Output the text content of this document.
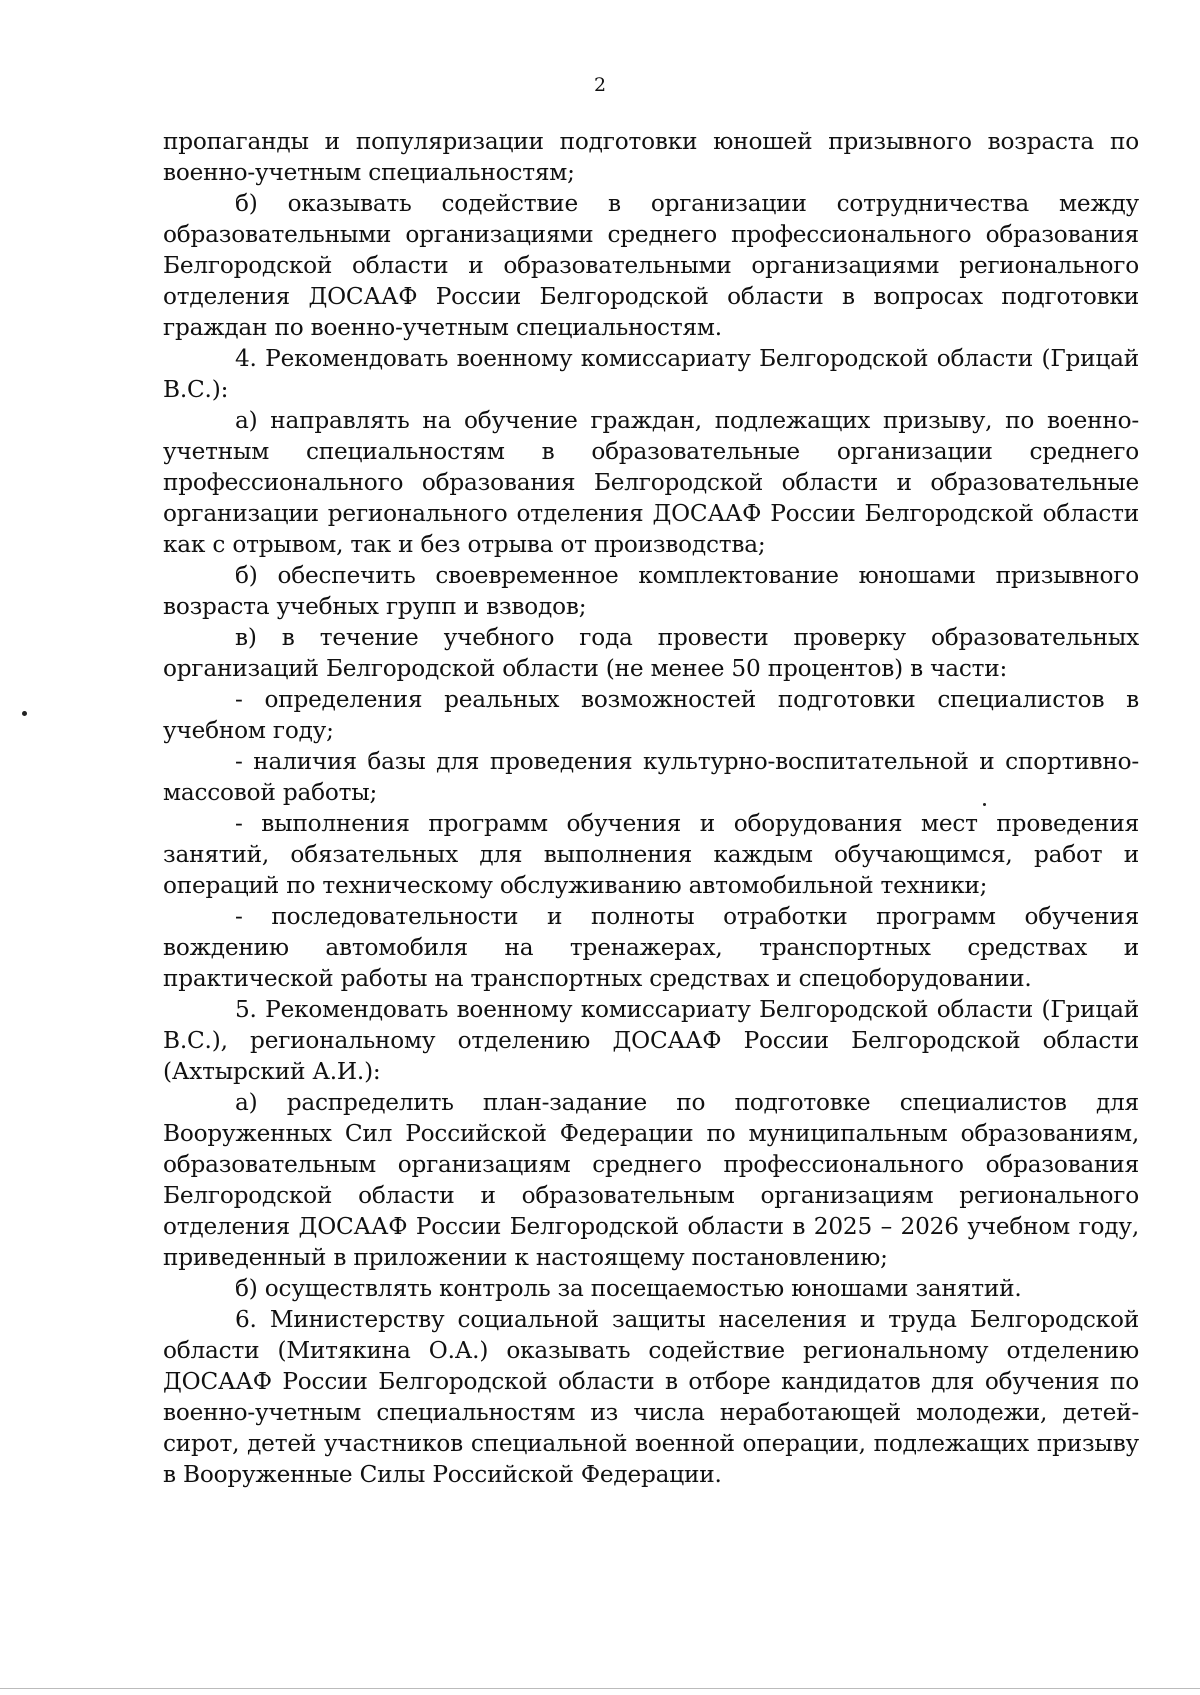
2

пропаганды и популяризации подготовки юношей призывного возраста по военно-учетным специальностям;

б) оказывать содействие в организации сотрудничества между образовательными организациями среднего профессионального образования Белгородской области и образовательными организациями регионального отделения ДОСААФ России Белгородской области в вопросах подготовки граждан по военно-учетным специальностям.

4. Рекомендовать военному комиссариату Белгородской области (Грицай В.С.):

а) направлять на обучение граждан, подлежащих призыву, по военно-учетным специальностям в образовательные организации среднего профессионального образования Белгородской области и образовательные организации регионального отделения ДОСААФ России Белгородской области как с отрывом, так и без отрыва от производства;

б) обеспечить своевременное комплектование юношами призывного возраста учебных групп и взводов;

в) в течение учебного года провести проверку образовательных организаций Белгородской области (не менее 50 процентов) в части:

- определения реальных возможностей подготовки специалистов в учебном году;

- наличия базы для проведения культурно-воспитательной и спортивно-массовой работы;

- выполнения программ обучения и оборудования мест проведения занятий, обязательных для выполнения каждым обучающимся, работ и операций по техническому обслуживанию автомобильной техники;

- последовательности и полноты отработки программ обучения вождению автомобиля на тренажерах, транспортных средствах и практической работы на транспортных средствах и спецоборудовании.

5. Рекомендовать военному комиссариату Белгородской области (Грицай В.С.), региональному отделению ДОСААФ России Белгородской области (Ахтырский А.И.):

а) распределить план-задание по подготовке специалистов для Вооруженных Сил Российской Федерации по муниципальным образованиям, образовательным организациям среднего профессионального образования Белгородской области и образовательным организациям регионального отделения ДОСААФ России Белгородской области в 2025 – 2026 учебном году, приведенный в приложении к настоящему постановлению;

б) осуществлять контроль за посещаемостью юношами занятий.

6. Министерству социальной защиты населения и труда Белгородской области (Митякина О.А.) оказывать содействие региональному отделению ДОСААФ России Белгородской области в отборе кандидатов для обучения по военно-учетным специальностям из числа неработающей молодежи, детей-сирот, детей участников специальной военной операции, подлежащих призыву в Вооруженные Силы Российской Федерации.
